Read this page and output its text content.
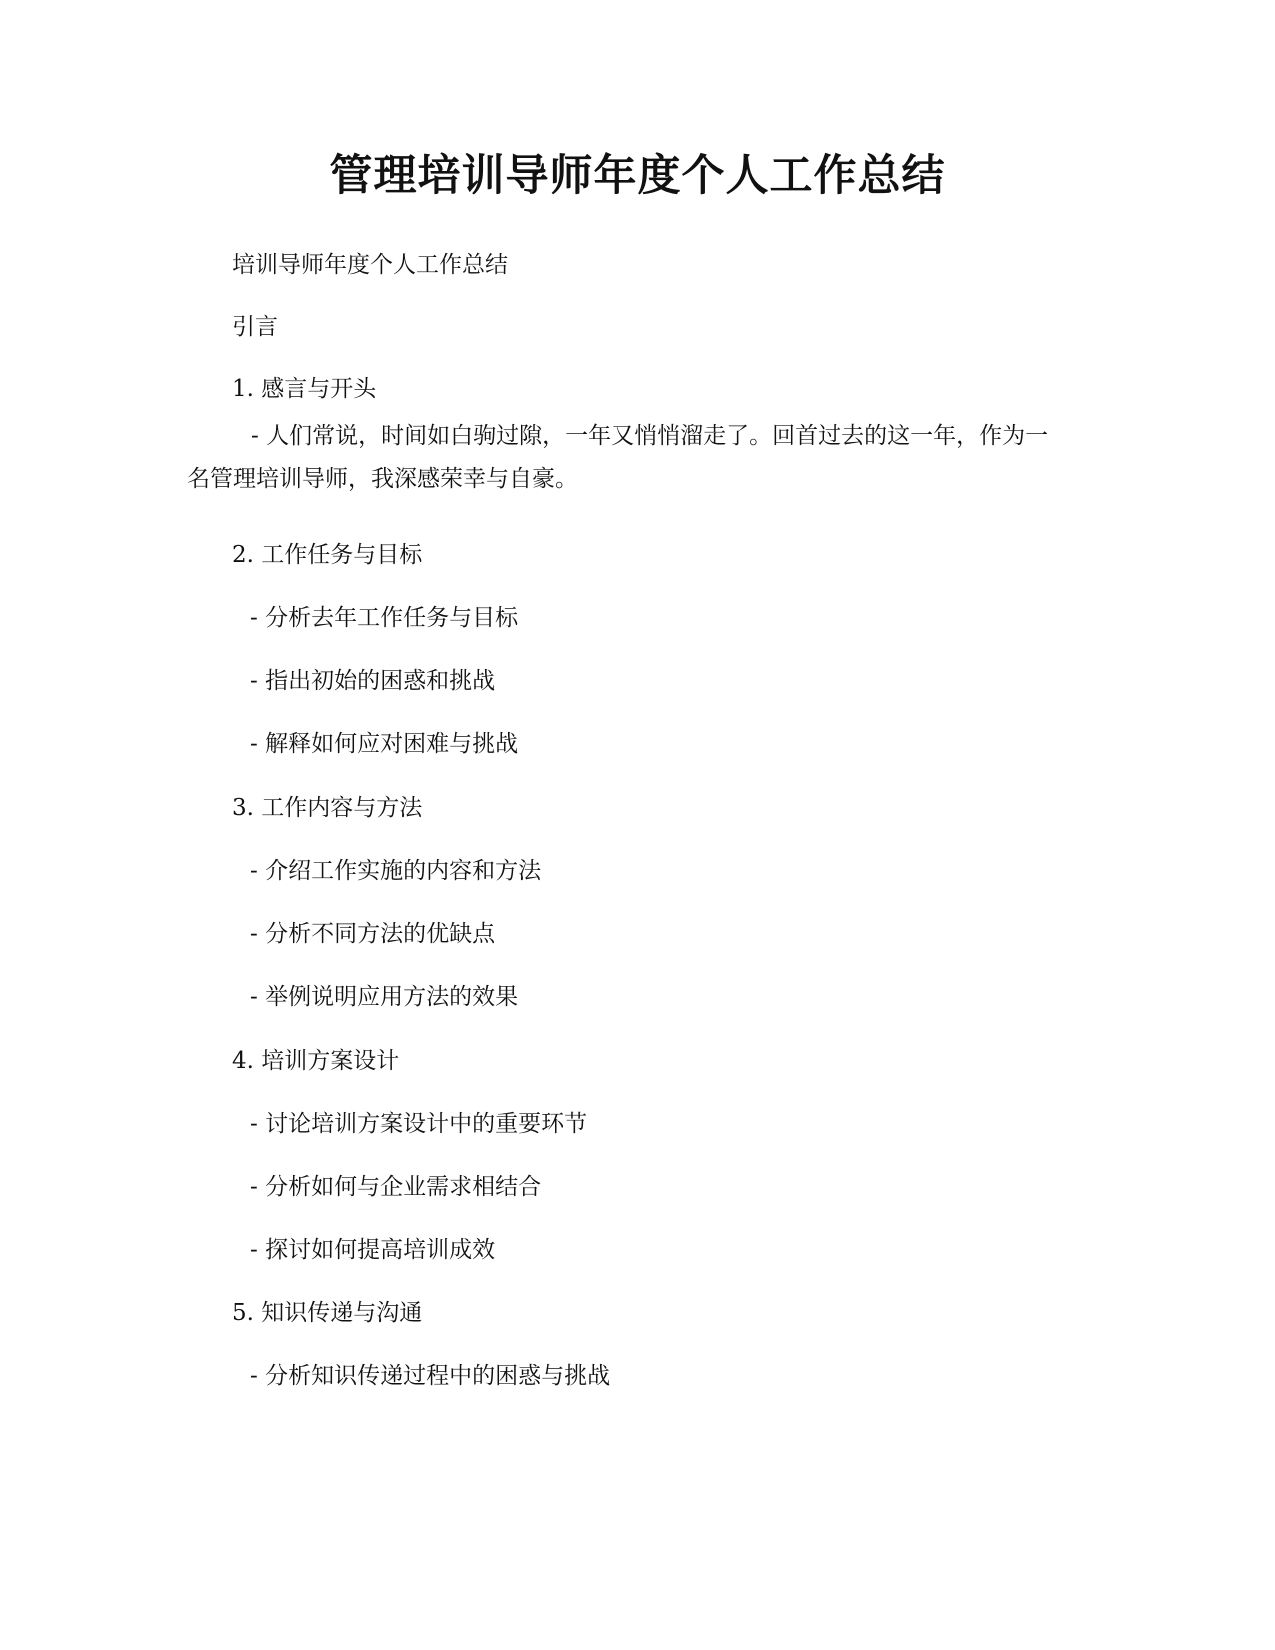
管理培训导师年度个人工作总结

培训导师年度个人工作总结

引言

1. 感言与开头

- 人们常说，时间如白驹过隙，一年又悄悄溜走了。回首过去的这一年，作为一名管理培训导师，我深感荣幸与自豪。

2. 工作任务与目标

- 分析去年工作任务与目标

- 指出初始的困惑和挑战

- 解释如何应对困难与挑战

3. 工作内容与方法

- 介绍工作实施的内容和方法

- 分析不同方法的优缺点

- 举例说明应用方法的效果

4. 培训方案设计

- 讨论培训方案设计中的重要环节

- 分析如何与企业需求相结合

- 探讨如何提高培训成效

5. 知识传递与沟通

- 分析知识传递过程中的困惑与挑战
